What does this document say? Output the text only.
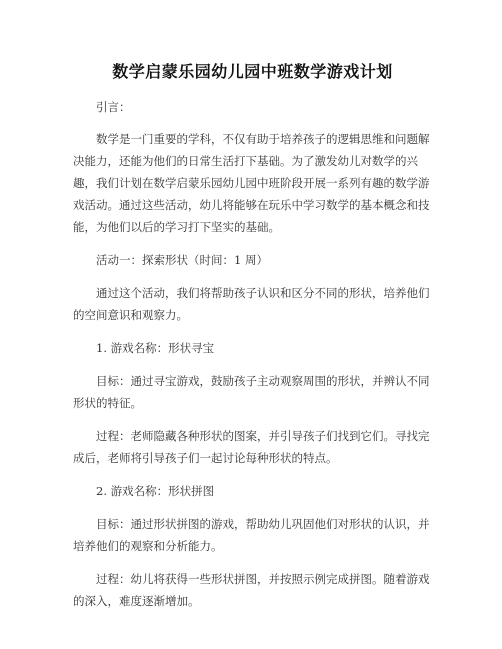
数学启蒙乐园幼儿园中班数学游戏计划

引言：

数学是一门重要的学科，不仅有助于培养孩子的逻辑思维和问题解决能力，还能为他们的日常生活打下基础。为了激发幼儿对数学的兴趣，我们计划在数学启蒙乐园幼儿园中班阶段开展一系列有趣的数学游戏活动。通过这些活动，幼儿将能够在玩乐中学习数学的基本概念和技能，为他们以后的学习打下坚实的基础。

活动一：探索形状（时间：1 周）

通过这个活动，我们将帮助孩子认识和区分不同的形状，培养他们的空间意识和观察力。

1. 游戏名称：形状寻宝

目标：通过寻宝游戏，鼓励孩子主动观察周围的形状，并辨认不同形状的特征。

过程：老师隐藏各种形状的图案，并引导孩子们找到它们。寻找完成后，老师将引导孩子们一起讨论每种形状的特点。

2. 游戏名称：形状拼图

目标：通过形状拼图的游戏，帮助幼儿巩固他们对形状的认识，并培养他们的观察和分析能力。

过程：幼儿将获得一些形状拼图，并按照示例完成拼图。随着游戏的深入，难度逐渐增加。
